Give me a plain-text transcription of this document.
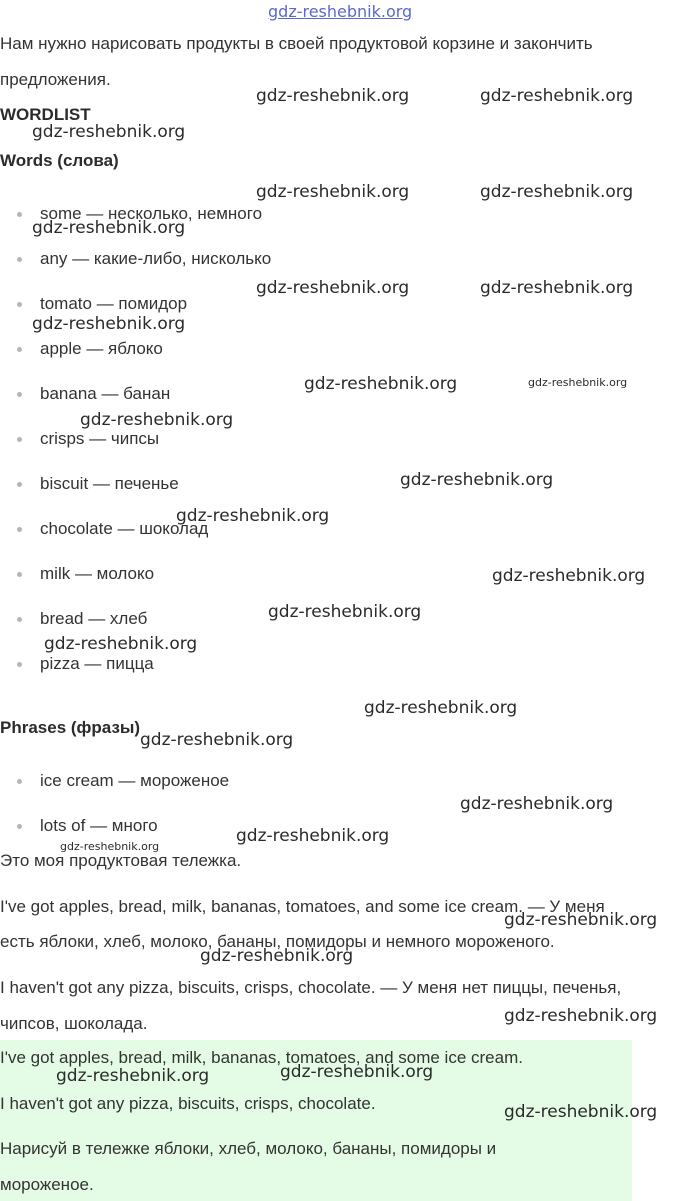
gdz-reshebnik.org
Нам нужно нарисовать продукты в своей продуктовой корзине и закончить
предложения.
WORDLIST
Words (слова)
some — несколько, немного
any — какие-либо, нисколько
tomato — помидор
apple — яблоко
banana — банан
crisps — чипсы
biscuit — печенье
chocolate — шоколад
milk — молоко
bread — хлеб
pizza — пицца
Phrases (фразы)
ice cream — мороженое
lots of — много
Это моя продуктовая тележка.
I've got apples, bread, milk, bananas, tomatoes, and some ice cream. — У меня
есть яблоки, хлеб, молоко, бананы, помидоры и немного мороженого.
I haven't got any pizza, biscuits, crisps, chocolate. — У меня нет пиццы, печенья,
чипсов, шоколада.
I've got apples, bread, milk, bananas, tomatoes, and some ice cream.
I haven't got any pizza, biscuits, crisps, chocolate.
Нарисуй в тележке яблоки, хлеб, молоко, бананы, помидоры и
мороженое.
gdz-reshebnik.org	gdz-reshebnik.org
gdz-reshebnik.org
gdz-reshebnik.org	gdz-reshebnik.org
gdz-reshebnik.org
gdz-reshebnik.org	gdz-reshebnik.org
gdz-reshebnik.org
gdz-reshebnik.org	gdz-reshebnik.org
gdz-reshebnik.org
gdz-reshebnik.org
gdz-reshebnik.org
gdz-reshebnik.org
gdz-reshebnik.org
gdz-reshebnik.org
gdz-reshebnik.org
gdz-reshebnik.org
gdz-reshebnik.org
gdz-reshebnik.org
gdz-reshebnik.org
gdz-reshebnik.org
gdz-reshebnik.org
gdz-reshebnik.org
gdz-reshebnik.org	gdz-reshebnik.org
gdz-reshebnik.org
